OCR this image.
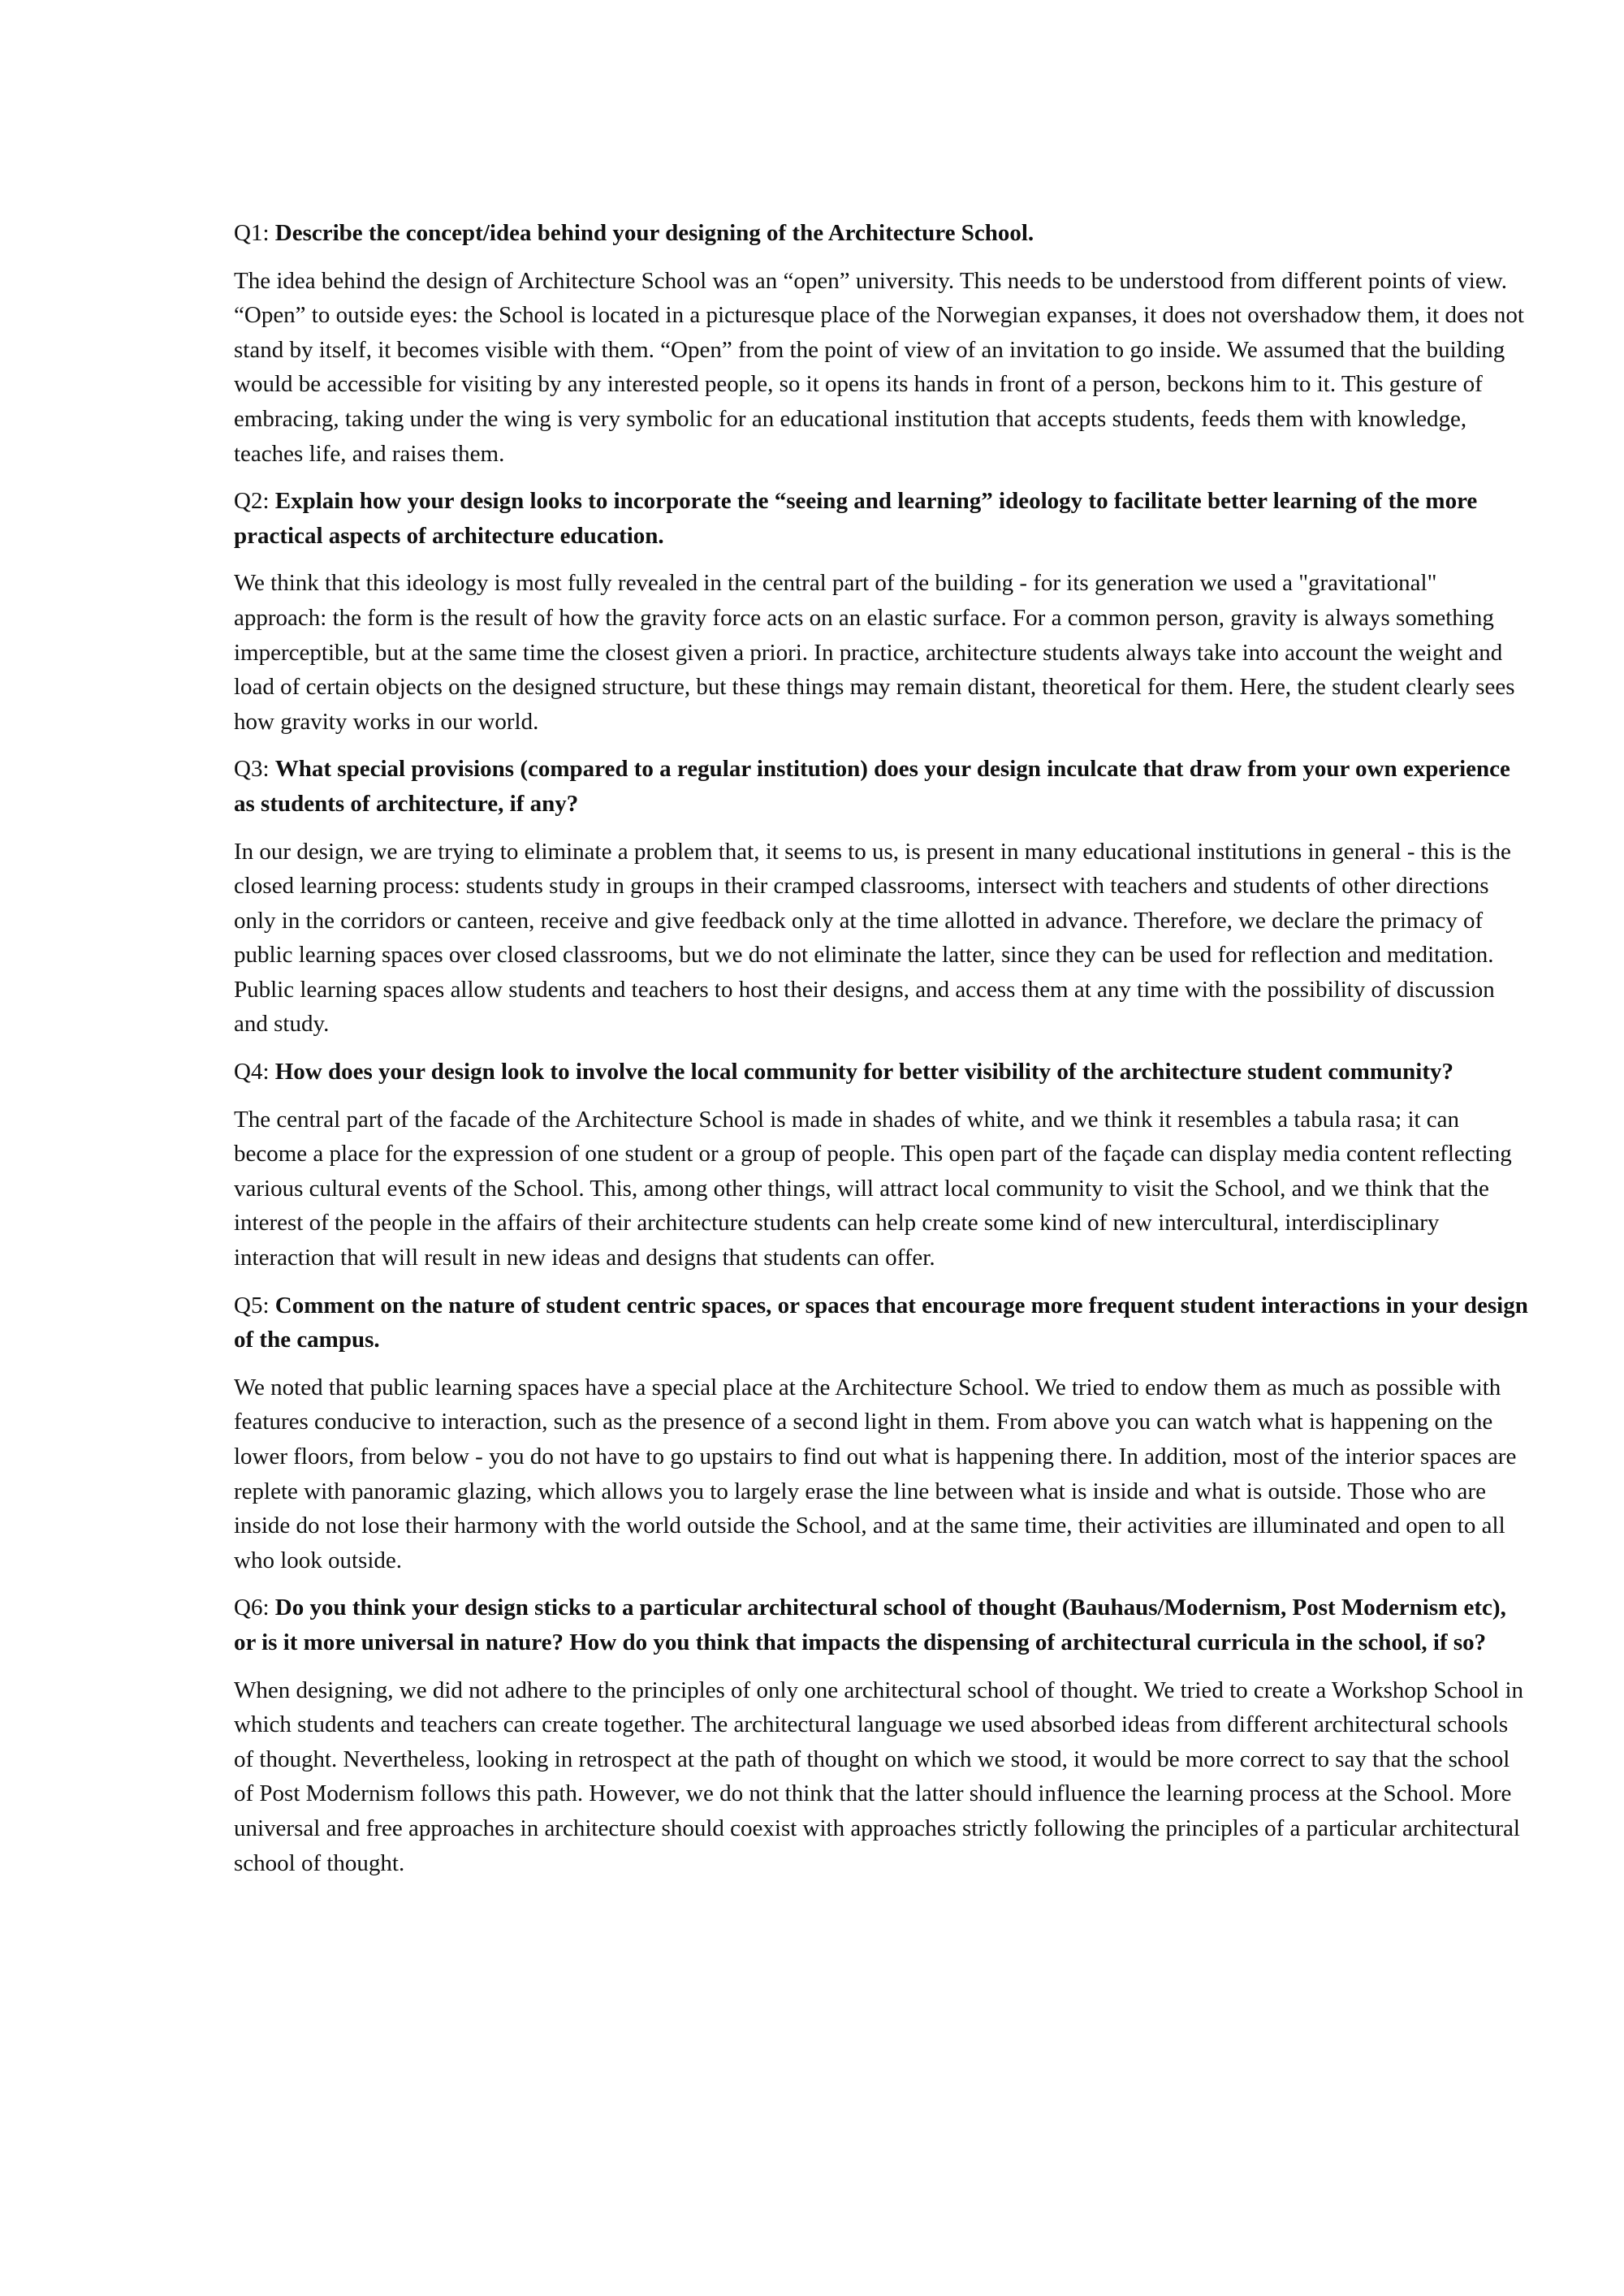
Q1: Describe the concept/idea behind your designing of the Architecture School.

The idea behind the design of Architecture School was an “open” university. This needs to be understood from different points of view. “Open” to outside eyes: the School is located in a picturesque place of the Norwegian expanses, it does not overshadow them, it does not stand by itself, it becomes visible with them. “Open” from the point of view of an invitation to go inside. We assumed that the building would be accessible for visiting by any interested people, so it opens its hands in front of a person, beckons him to it. This gesture of embracing, taking under the wing is very symbolic for an educational institution that accepts students, feeds them with knowledge, teaches life, and raises them.

Q2: Explain how your design looks to incorporate the “seeing and learning” ideology to facilitate better learning of the more practical aspects of architecture education.

We think that this ideology is most fully revealed in the central part of the building - for its generation we used a "gravitational" approach: the form is the result of how the gravity force acts on an elastic surface. For a common person, gravity is always something imperceptible, but at the same time the closest given a priori. In practice, architecture students always take into account the weight and load of certain objects on the designed structure, but these things may remain distant, theoretical for them. Here, the student clearly sees how gravity works in our world.

Q3: What special provisions (compared to a regular institution) does your design inculcate that draw from your own experience as students of architecture, if any?

In our design, we are trying to eliminate a problem that, it seems to us, is present in many educational institutions in general - this is the closed learning process: students study in groups in their cramped classrooms, intersect with teachers and students of other directions only in the corridors or canteen, receive and give feedback only at the time allotted in advance. Therefore, we declare the primacy of public learning spaces over closed classrooms, but we do not eliminate the latter, since they can be used for reflection and meditation. Public learning spaces allow students and teachers to host their designs, and access them at any time with the possibility of discussion and study.

Q4: How does your design look to involve the local community for better visibility of the architecture student community?

The central part of the facade of the Architecture School is made in shades of white, and we think it resembles a tabula rasa; it can become a place for the expression of one student or a group of people. This open part of the façade can display media content reflecting various cultural events of the School. This, among other things, will attract local community to visit the School, and we think that the interest of the people in the affairs of their architecture students can help create some kind of new intercultural, interdisciplinary interaction that will result in new ideas and designs that students can offer.

Q5: Comment on the nature of student centric spaces, or spaces that encourage more frequent student interactions in your design of the campus.

We noted that public learning spaces have a special place at the Architecture School. We tried to endow them as much as possible with features conducive to interaction, such as the presence of a second light in them. From above you can watch what is happening on the lower floors, from below - you do not have to go upstairs to find out what is happening there. In addition, most of the interior spaces are replete with panoramic glazing, which allows you to largely erase the line between what is inside and what is outside. Those who are inside do not lose their harmony with the world outside the School, and at the same time, their activities are illuminated and open to all who look outside.

Q6: Do you think your design sticks to a particular architectural school of thought (Bauhaus/Modernism, Post Modernism etc), or is it more universal in nature? How do you think that impacts the dispensing of architectural curricula in the school, if so?

When designing, we did not adhere to the principles of only one architectural school of thought. We tried to create a Workshop School in which students and teachers can create together. The architectural language we used absorbed ideas from different architectural schools of thought. Nevertheless, looking in retrospect at the path of thought on which we stood, it would be more correct to say that the school of Post Modernism follows this path. However, we do not think that the latter should influence the learning process at the School. More universal and free approaches in architecture should coexist with approaches strictly following the principles of a particular architectural school of thought.
